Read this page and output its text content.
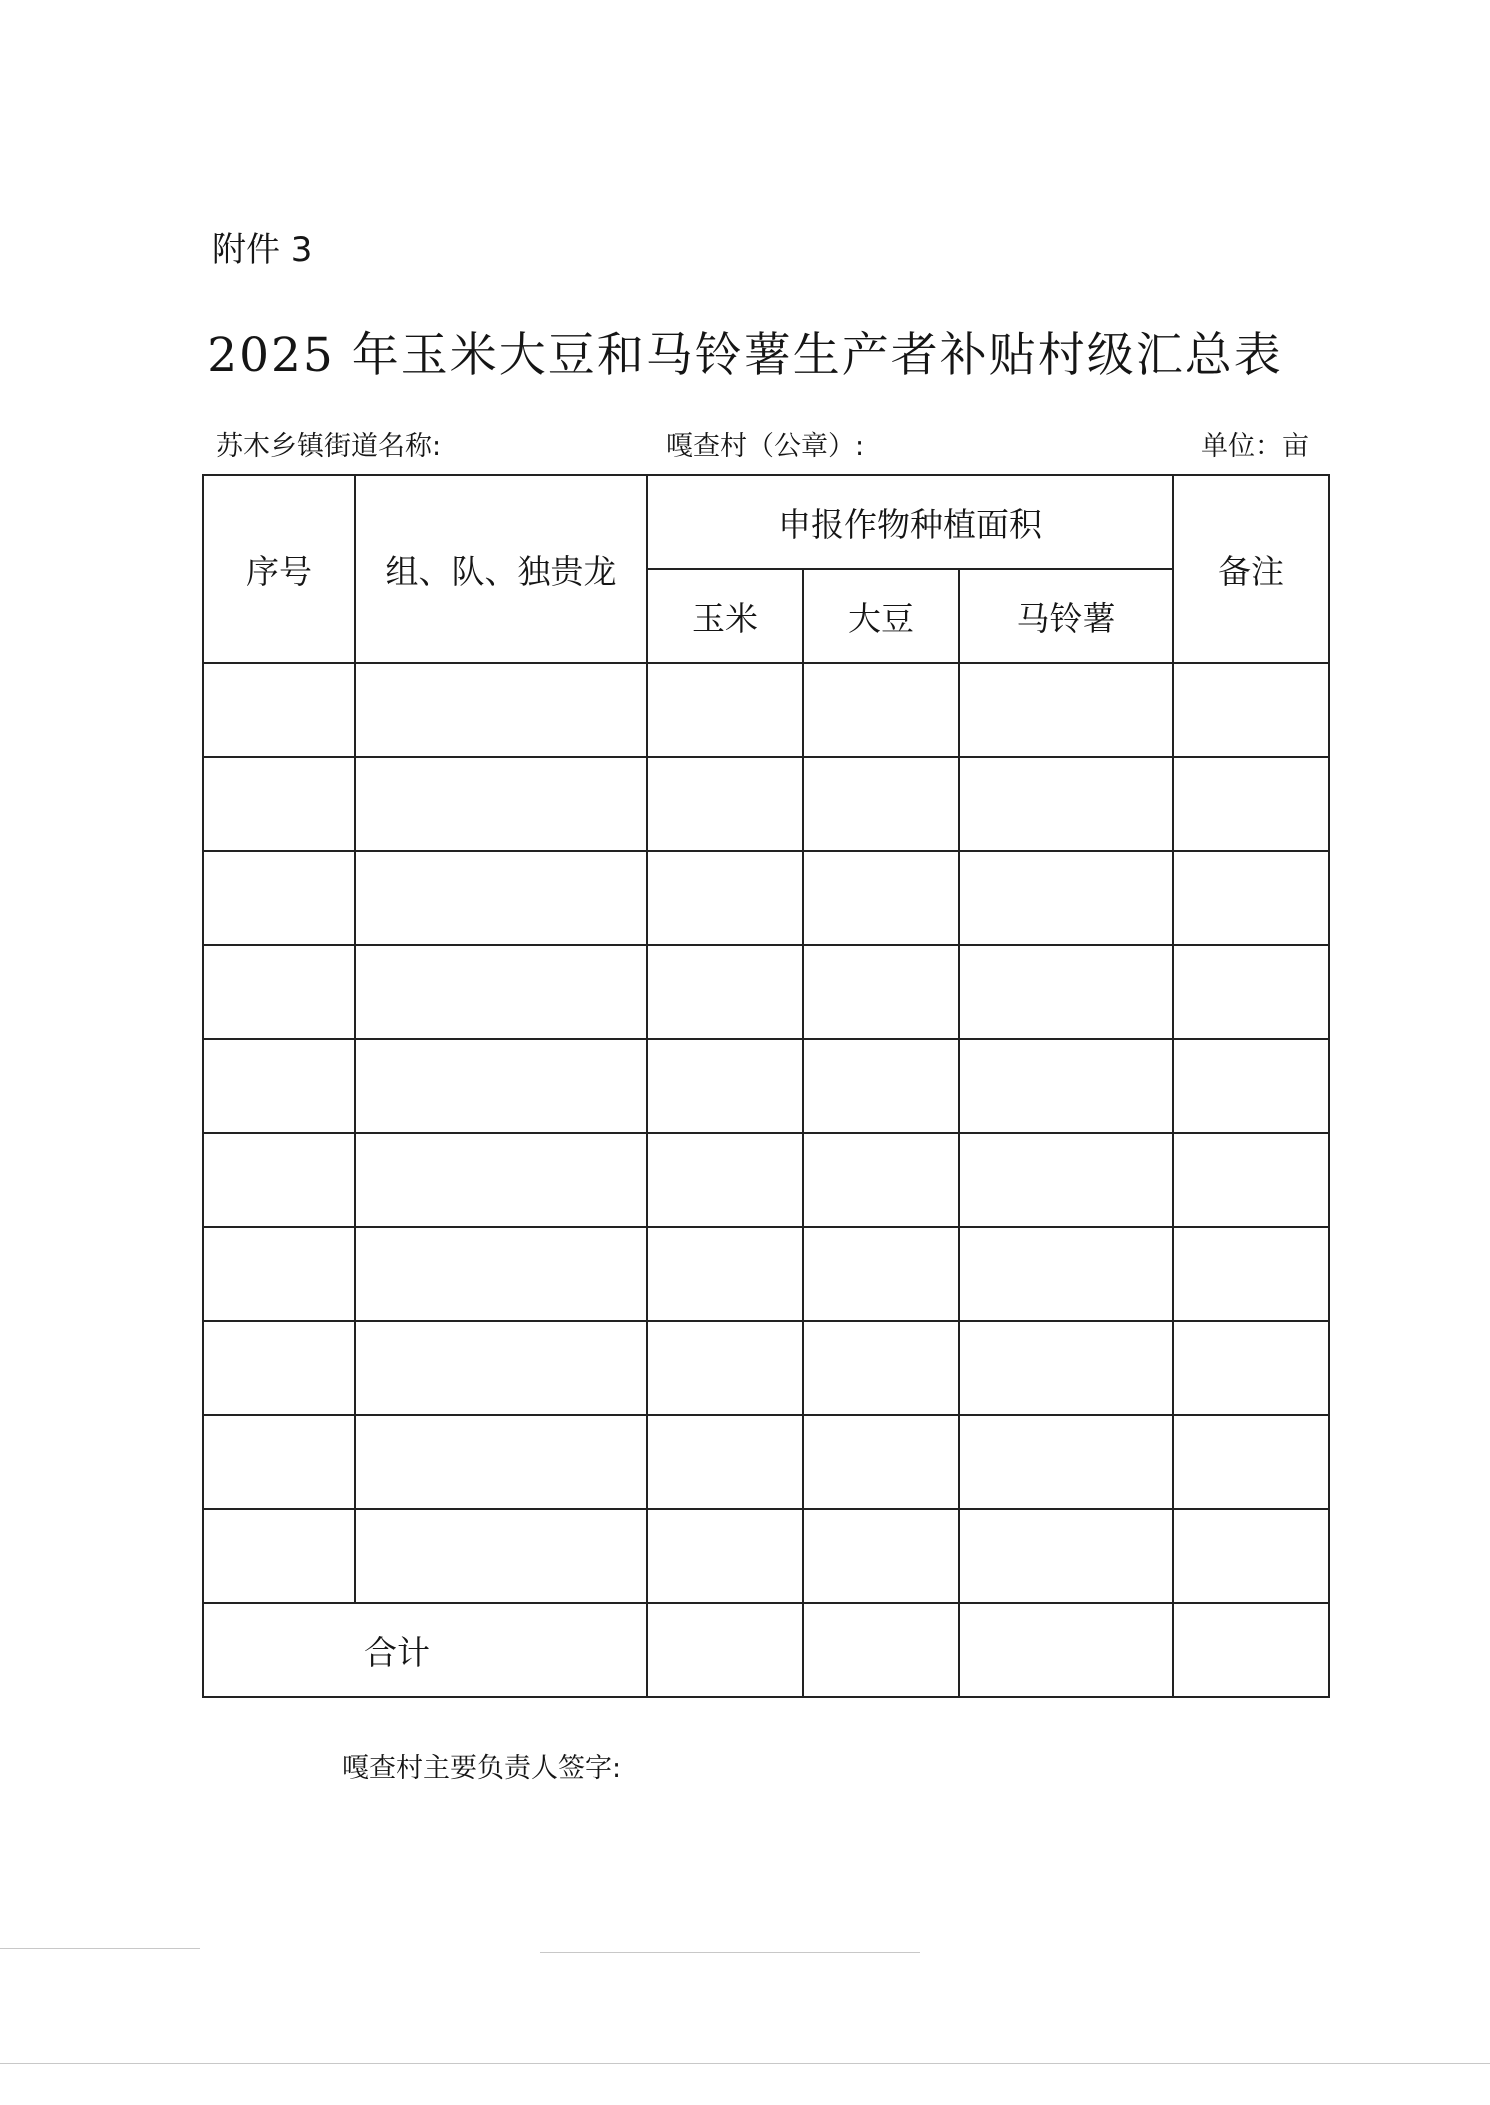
附件 3
2025 年玉米大豆和马铃薯生产者补贴村级汇总表
苏木乡镇街道名称:	嘎查村（公章）:	单位：亩
序号	组、队、独贵龙	申报作物种植面积			备注
		玉米	大豆	马铃薯	

合计					
嘎查村主要负责人签字:
